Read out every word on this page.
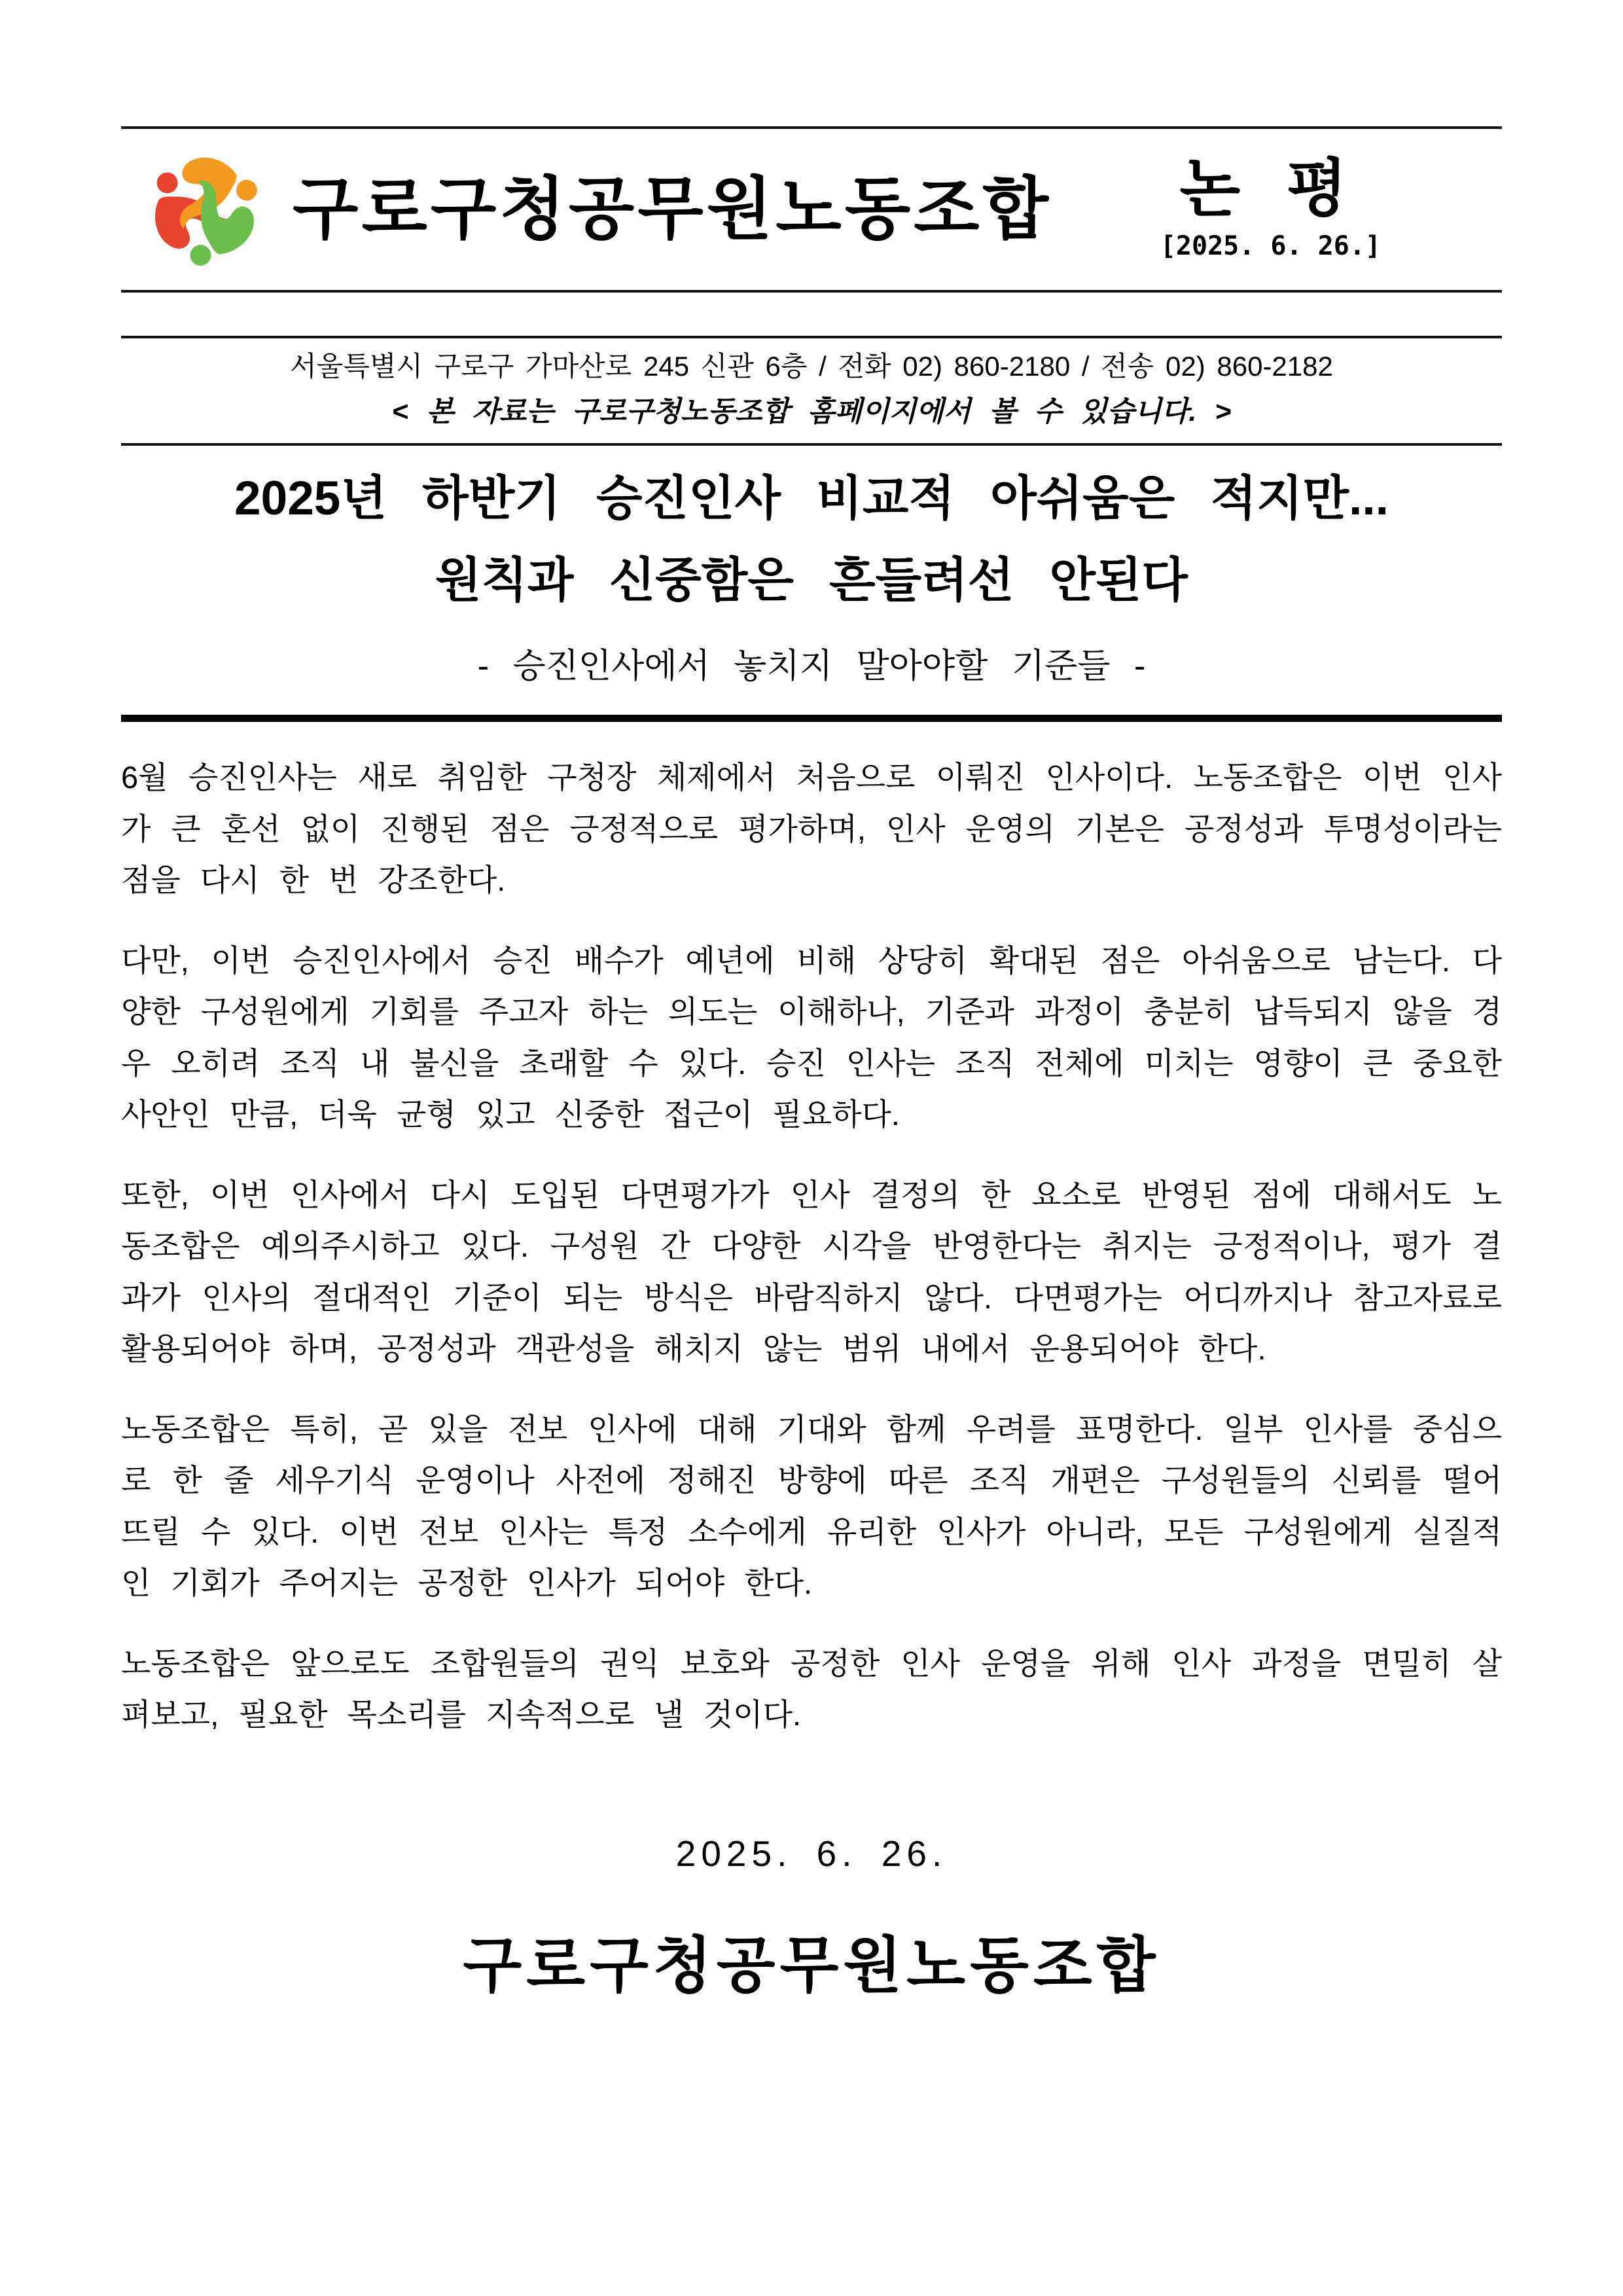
구로구청공무원노동조합	논 평
[2025. 6. 26.]
서울특별시 구로구 가마산로 245 신관 6층 / 전화 02) 860-2180 / 전송 02) 860-2182
< 본 자료는 구로구청노동조합 홈페이지에서 볼 수 있습니다. >
2025년 하반기 승진인사 비교적 아쉬움은 적지만...
원칙과 신중함은 흔들려선 안된다
- 승진인사에서 놓치지 말아야할 기준들 -

6월 승진인사는 새로 취임한 구청장 체제에서 처음으로 이뤄진 인사이다. 노동조합은 이번 인사가 큰 혼선 없이 진행된 점은 긍정적으로 평가하며, 인사 운영의 기본은 공정성과 투명성이라는 점을 다시 한 번 강조한다.

다만, 이번 승진인사에서 승진 배수가 예년에 비해 상당히 확대된 점은 아쉬움으로 남는다. 다양한 구성원에게 기회를 주고자 하는 의도는 이해하나, 기준과 과정이 충분히 납득되지 않을 경우 오히려 조직 내 불신을 초래할 수 있다. 승진 인사는 조직 전체에 미치는 영향이 큰 중요한 사안인 만큼, 더욱 균형 있고 신중한 접근이 필요하다.

또한, 이번 인사에서 다시 도입된 다면평가가 인사 결정의 한 요소로 반영된 점에 대해서도 노동조합은 예의주시하고 있다. 구성원 간 다양한 시각을 반영한다는 취지는 긍정적이나, 평가 결과가 인사의 절대적인 기준이 되는 방식은 바람직하지 않다. 다면평가는 어디까지나 참고자료로 활용되어야 하며, 공정성과 객관성을 해치지 않는 범위 내에서 운용되어야 한다.

노동조합은 특히, 곧 있을 전보 인사에 대해 기대와 함께 우려를 표명한다. 일부 인사를 중심으로 한 줄 세우기식 운영이나 사전에 정해진 방향에 따른 조직 개편은 구성원들의 신뢰를 떨어뜨릴 수 있다. 이번 전보 인사는 특정 소수에게 유리한 인사가 아니라, 모든 구성원에게 실질적인 기회가 주어지는 공정한 인사가 되어야 한다.

노동조합은 앞으로도 조합원들의 권익 보호와 공정한 인사 운영을 위해 인사 과정을 면밀히 살펴보고, 필요한 목소리를 지속적으로 낼 것이다.

2025. 6. 26.
구로구청공무원노동조합
